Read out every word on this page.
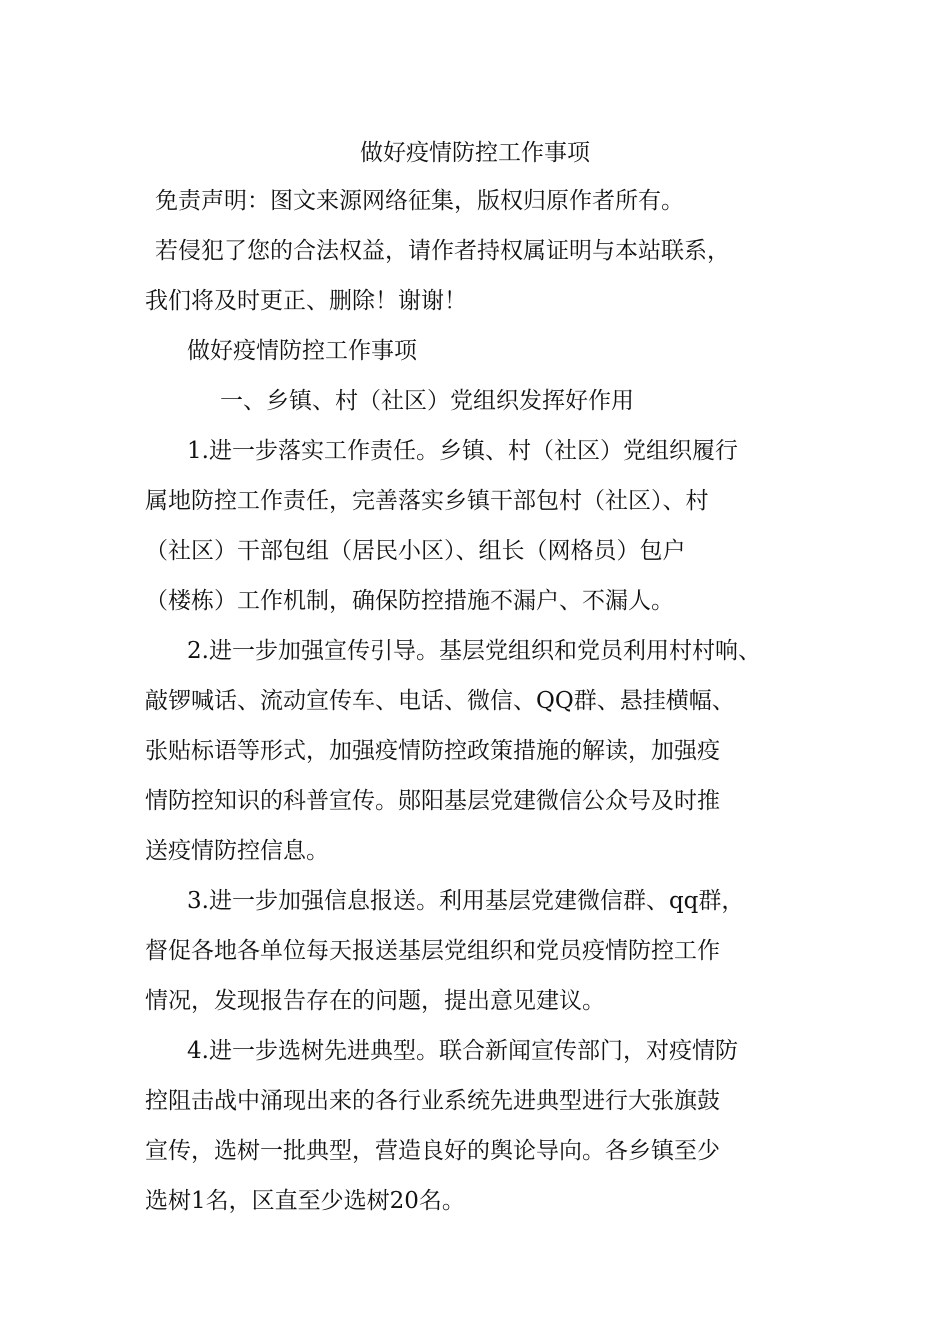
做好疫情防控工作事项
免责声明：图文来源网络征集，版权归原作者所有。
若侵犯了您的合法权益，请作者持权属证明与本站联系，
我们将及时更正、删除！谢谢！
做好疫情防控工作事项
一、乡镇、村（社区）党组织发挥好作用
1.进一步落实工作责任。乡镇、村（社区）党组织履行
属地防控工作责任，完善落实乡镇干部包村（社区）、村
（社区）干部包组（居民小区）、组长（网格员）包户
（楼栋）工作机制，确保防控措施不漏户、不漏人。
2.进一步加强宣传引导。基层党组织和党员利用村村响、
敲锣喊话、流动宣传车、电话、微信、QQ群、悬挂横幅、
张贴标语等形式，加强疫情防控政策措施的解读，加强疫
情防控知识的科普宣传。郧阳基层党建微信公众号及时推
送疫情防控信息。
3.进一步加强信息报送。利用基层党建微信群、qq群，
督促各地各单位每天报送基层党组织和党员疫情防控工作
情况，发现报告存在的问题，提出意见建议。
4.进一步选树先进典型。联合新闻宣传部门，对疫情防
控阻击战中涌现出来的各行业系统先进典型进行大张旗鼓
宣传，选树一批典型，营造良好的舆论导向。各乡镇至少
选树1名，区直至少选树20名。
